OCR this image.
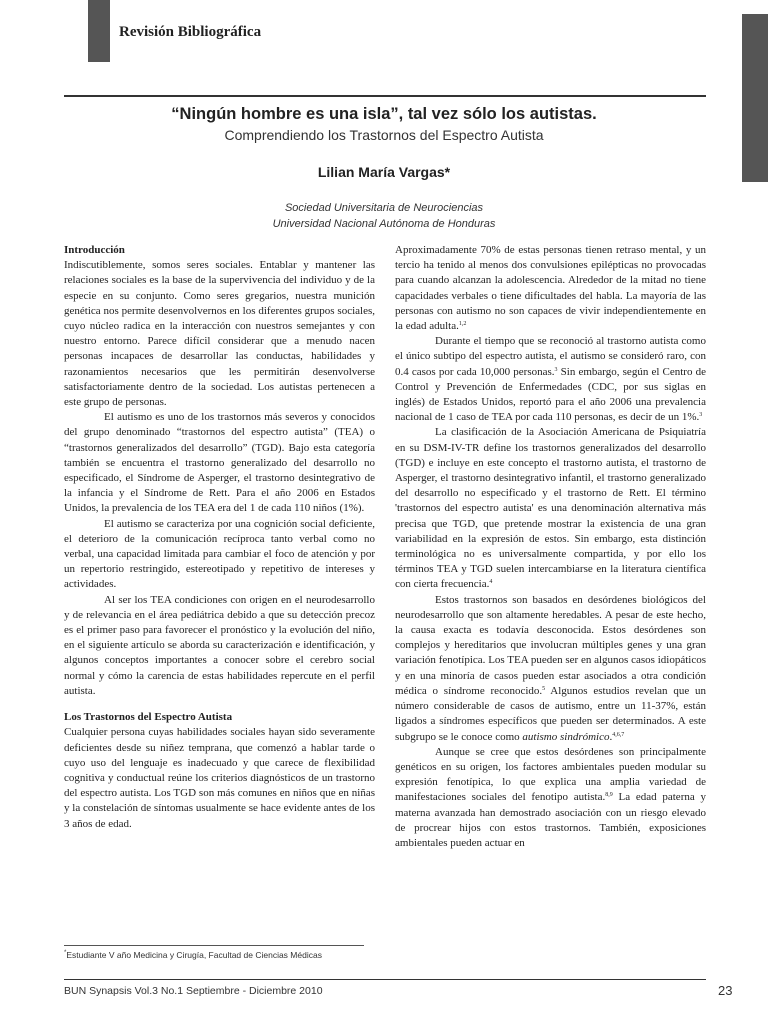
Revisión Bibliográfica
“Ningún hombre es una isla”, tal vez sólo los autistas.
Comprendiendo los Trastornos del Espectro Autista
Lilian María Vargas*
Sociedad Universitaria de Neurociencias
Universidad Nacional Autónoma de Honduras

Introducción

Indiscutiblemente, somos seres sociales. Entablar y mantener las relaciones sociales es la base de la supervivencia del individuo y de la especie en su conjunto. Como seres gregarios, nuestra munición genética nos permite desenvolvernos en los diferentes grupos sociales, cuyo núcleo radica en la interacción con nuestros semejantes y con nuestro entorno. Parece difícil considerar que a menudo nacen personas incapaces de desarrollar las conductas, habilidades y razonamientos necesarios que les permitirán desenvolverse satisfactoriamente dentro de la sociedad. Los autistas pertenecen a este grupo de personas.

El autismo es uno de los trastornos más severos y conocidos del grupo denominado “trastornos del espectro autista” (TEA) o “trastornos generalizados del desarrollo” (TGD). Bajo esta categoría también se encuentra el trastorno generalizado del desarrollo no especificado, el Síndrome de Asperger, el trastorno desintegrativo de la infancia y el Síndrome de Rett. Para el año 2006 en Estados Unidos, la prevalencia de los TEA era del 1 de cada 110 niños (1%).

El autismo se caracteriza por una cognición social deficiente, el deterioro de la comunicación recíproca tanto verbal como no verbal, una capacidad limitada para cambiar el foco de atención y por un repertorio restringido, estereotipado y repetitivo de intereses y actividades.

Al ser los TEA condiciones con origen en el neurodesarrollo y de relevancia en el área pediátrica debido a que su detección precoz es el primer paso para favorecer el pronóstico y la evolución del niño, en el siguiente artículo se aborda su caracterización e identificación, y algunos conceptos importantes a conocer sobre el cerebro social normal y cómo la carencia de estas habilidades repercute en el perfil autista.

Los Trastornos del Espectro Autista

Cualquier persona cuyas habilidades sociales hayan sido severamente deficientes desde su niñez temprana, que comenzó a hablar tarde o cuyo uso del lenguaje es inadecuado y que carece de flexibilidad cognitiva y conductual reúne los criterios diagnósticos de un trastorno del espectro autista. Los TGD son más comunes en niños que en niñas y la constelación de síntomas usualmente se hace evidente antes de los 3 años de edad.

Aproximadamente 70% de estas personas tienen retraso mental, y un tercio ha tenido al menos dos convulsiones epilépticas no provocadas para cuando alcanzan la adolescencia. Alrededor de la mitad no tiene capacidades verbales o tiene dificultades del habla. La mayoría de las personas con autismo no son capaces de vivir independientemente en la edad adulta.$^{1,2}$

Durante el tiempo que se reconoció al trastorno autista como el único subtipo del espectro autista, el autismo se consideró raro, con 0.4 casos por cada 10,000 personas.$^3$ Sin embargo, según el Centro de Control y Prevención de Enfermedades (CDC, por sus siglas en inglés) de Estados Unidos, reportó para el año 2006 una prevalencia nacional de 1 caso de TEA por cada 110 personas, es decir de un 1%.$^3$

La clasificación de la Asociación Americana de Psiquiatría en su DSM-IV-TR define los trastornos generalizados del desarrollo (TGD) e incluye en este concepto el trastorno autista, el trastorno de Asperger, el trastorno desintegrativo infantil, el trastorno generalizado del desarrollo no especificado y el trastorno de Rett. El término 'trastornos del espectro autista' es una denominación alternativa más precisa que TGD, que pretende mostrar la existencia de una gran variabilidad en la expresión de estos. Sin embargo, esta distinción terminológica no es universalmente compartida, y por ello los términos TEA y TGD suelen intercambiarse en la literatura científica con cierta frecuencia.$^4$

Estos trastornos son basados en desórdenes biológicos del neurodesarrollo que son altamente heredables. A pesar de este hecho, la causa exacta es todavía desconocida. Estos desórdenes son complejos y hereditarios que involucran múltiples genes y una gran variación fenotípica. Los TEA pueden ser en algunos casos idiopáticos y en una minoría de casos pueden estar asociados a otra condición médica o síndrome reconocido.$^5$ Algunos estudios revelan que un número considerable de casos de autismo, entre un 11-37%, están ligados a síndromes específicos que pueden ser determinados. A este subgrupo se le conoce como autismo sindrómico.$^{4,6,7}$

Aunque se cree que estos desórdenes son principalmente genéticos en su origen, los factores ambientales pueden modular su expresión fenotípica, lo que explica una amplia variedad de manifestaciones sociales del fenotipo autista.$^{8,9}$ La edad paterna y materna avanzada han demostrado asociación con un riesgo elevado de procrear hijos con estos trastornos. También, exposiciones ambientales pueden actuar en

*Estudiante V año Medicina y Cirugía, Facultad de Ciencias Médicas
BUN Synapsis Vol.3 No.1 Septiembre - Diciembre 2010	23
